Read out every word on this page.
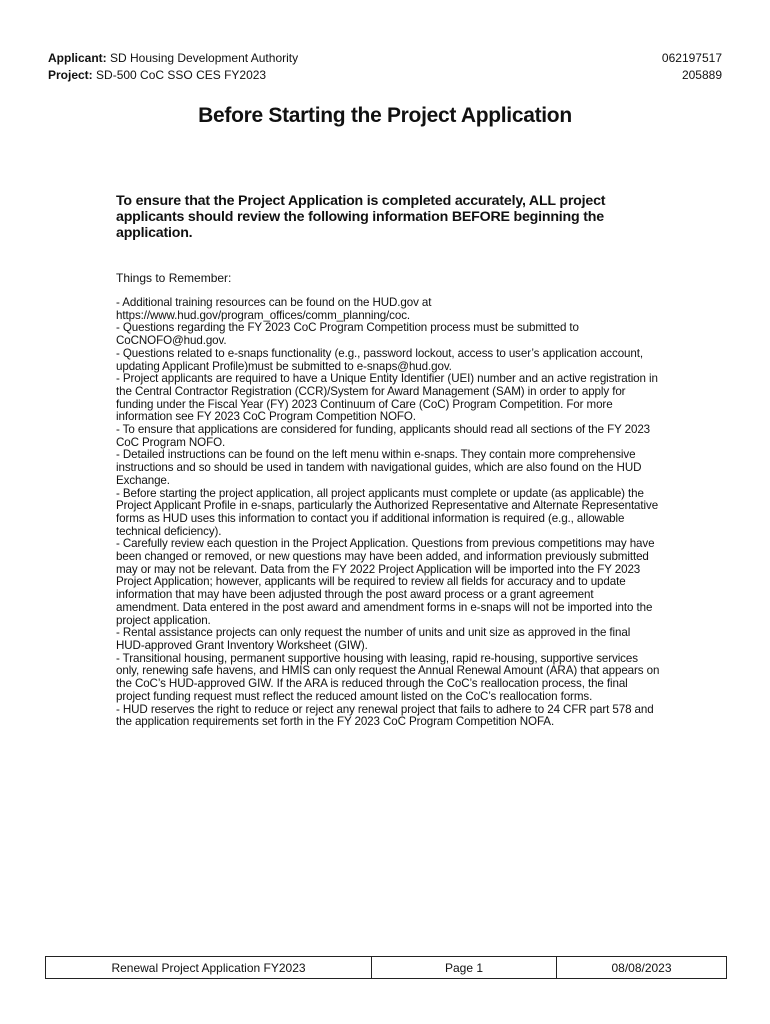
Applicant: SD Housing Development Authority	062197517
Project: SD-500 CoC SSO CES FY2023	205889
Before Starting the Project Application
To ensure that the Project Application is completed accurately, ALL project applicants should review the following information BEFORE beginning the application.
Things to Remember:

- Additional training resources can be found on the HUD.gov at https://www.hud.gov/program_offices/comm_planning/coc.

- Questions regarding the FY 2023 CoC Program Competition process must be submitted to CoCNOFO@hud.gov.

- Questions related to e-snaps functionality (e.g., password lockout, access to user’s application account, updating Applicant Profile)must be submitted to e-snaps@hud.gov.

- Project applicants are required to have a Unique Entity Identifier (UEI) number and an active registration in the Central Contractor Registration (CCR)/System for Award Management (SAM) in order to apply for funding under the Fiscal Year (FY) 2023 Continuum of Care (CoC) Program Competition. For more information see FY 2023 CoC Program Competition NOFO.

- To ensure that applications are considered for funding, applicants should read all sections of the FY 2023 CoC Program NOFO.

- Detailed instructions can be found on the left menu within e-snaps. They contain more comprehensive instructions and so should be used in tandem with navigational guides, which are also found on the HUD Exchange.

- Before starting the project application, all project applicants must complete or update (as applicable) the Project Applicant Profile in e-snaps, particularly the Authorized Representative and Alternate Representative forms as HUD uses this information to contact you if additional information is required (e.g., allowable technical deficiency).

- Carefully review each question in the Project Application. Questions from previous competitions may have been changed or removed, or new questions may have been added, and information previously submitted may or may not be relevant. Data from the FY 2022 Project Application will be imported into the FY 2023 Project Application; however, applicants will be required to review all fields for accuracy and to update information that may have been adjusted through the post award process or a grant agreement amendment. Data entered in the post award and amendment forms in e-snaps will not be imported into the project application.

- Rental assistance projects can only request the number of units and unit size as approved in the final HUD-approved Grant Inventory Worksheet (GIW).

- Transitional housing, permanent supportive housing with leasing, rapid re-housing, supportive services only, renewing safe havens, and HMIS can only request the Annual Renewal Amount (ARA) that appears on the CoC’s HUD-approved GIW. If the ARA is reduced through the CoC’s reallocation process, the final project funding request must reflect the reduced amount listed on the CoC’s reallocation forms.

- HUD reserves the right to reduce or reject any renewal project that fails to adhere to 24 CFR part 578 and the application requirements set forth in the FY 2023 CoC Program Competition NOFA.

Renewal Project Application FY2023	Page 1	08/08/2023
